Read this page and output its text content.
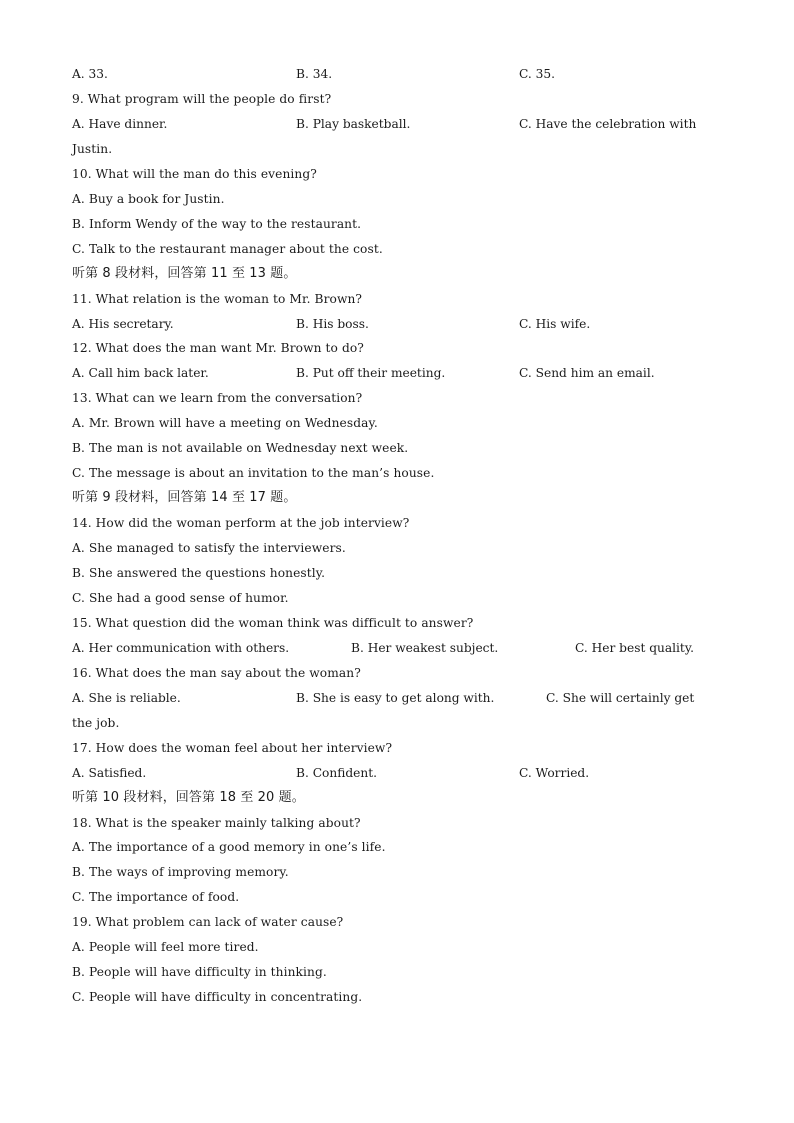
A. 33.	B. 34.	C. 35.
9. What program will the people do first?
A. Have dinner.	B. Play basketball.	C. Have the celebration with
Justin.
10. What will the man do this evening?
A. Buy a book for Justin.
B. Inform Wendy of the way to the restaurant.
C. Talk to the restaurant manager about the cost.
听第 8 段材料，回答第 11 至 13 题。
11. What relation is the woman to Mr. Brown?
A. His secretary.	B. His boss.	C. His wife.
12. What does the man want Mr. Brown to do?
A. Call him back later.	B. Put off their meeting.	C. Send him an email.
13. What can we learn from the conversation?
A. Mr. Brown will have a meeting on Wednesday.
B. The man is not available on Wednesday next week.
C. The message is about an invitation to the man’s house.
听第 9 段材料，回答第 14 至 17 题。
14. How did the woman perform at the job interview?
A. She managed to satisfy the interviewers.
B. She answered the questions honestly.
C. She had a good sense of humor.
15. What question did the woman think was difficult to answer?
A. Her communication with others.	B. Her weakest subject.	C. Her best quality.
16. What does the man say about the woman?
A. She is reliable.	B. She is easy to get along with.	C. She will certainly get
the job.
17. How does the woman feel about her interview?
A. Satisfied.	B. Confident.	C. Worried.
听第 10 段材料，回答第 18 至 20 题。
18. What is the speaker mainly talking about?
A. The importance of a good memory in one’s life.
B. The ways of improving memory.
C. The importance of food.
19. What problem can lack of water cause?
A. People will feel more tired.
B. People will have difficulty in thinking.
C. People will have difficulty in concentrating.
